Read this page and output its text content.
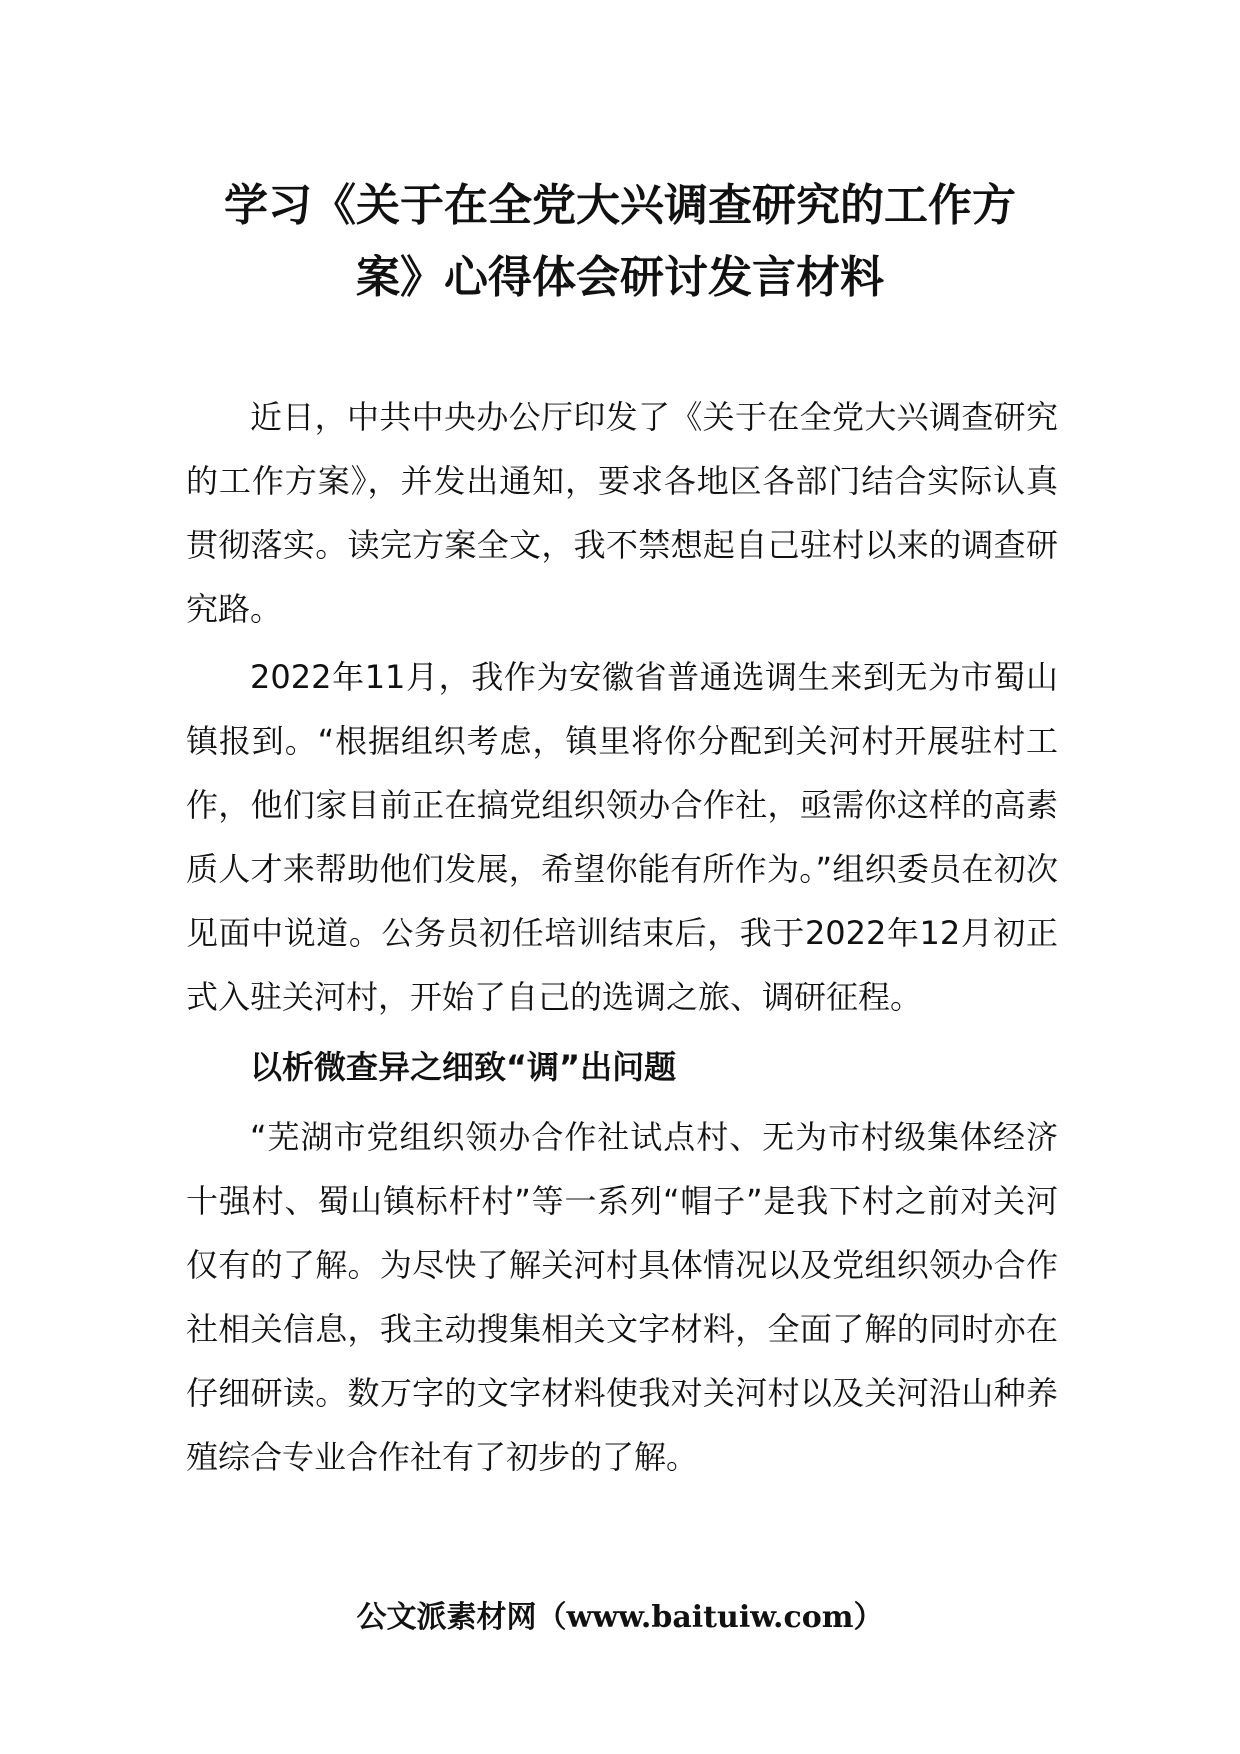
学习《关于在全党大兴调查研究的工作方
案》心得体会研讨发言材料

近日，中共中央办公厅印发了《关于在全党大兴调查研究的工作方案》，并发出通知，要求各地区各部门结合实际认真贯彻落实。读完方案全文，我不禁想起自己驻村以来的调查研究路。

2022年11月，我作为安徽省普通选调生来到无为市蜀山镇报到。“根据组织考虑，镇里将你分配到关河村开展驻村工作，他们家目前正在搞党组织领办合作社，亟需你这样的高素质人才来帮助他们发展，希望你能有所作为。”组织委员在初次见面中说道。公务员初任培训结束后，我于2022年12月初正式入驻关河村，开始了自己的选调之旅、调研征程。

以析微查异之细致“调”出问题

“芜湖市党组织领办合作社试点村、无为市村级集体经济十强村、蜀山镇标杆村”等一系列“帽子”是我下村之前对关河仅有的了解。为尽快了解关河村具体情况以及党组织领办合作社相关信息，我主动搜集相关文字材料，全面了解的同时亦在仔细研读。数万字的文字材料使我对关河村以及关河沿山种养殖综合专业合作社有了初步的了解。

公文派素材网（www.baituiw.com）
